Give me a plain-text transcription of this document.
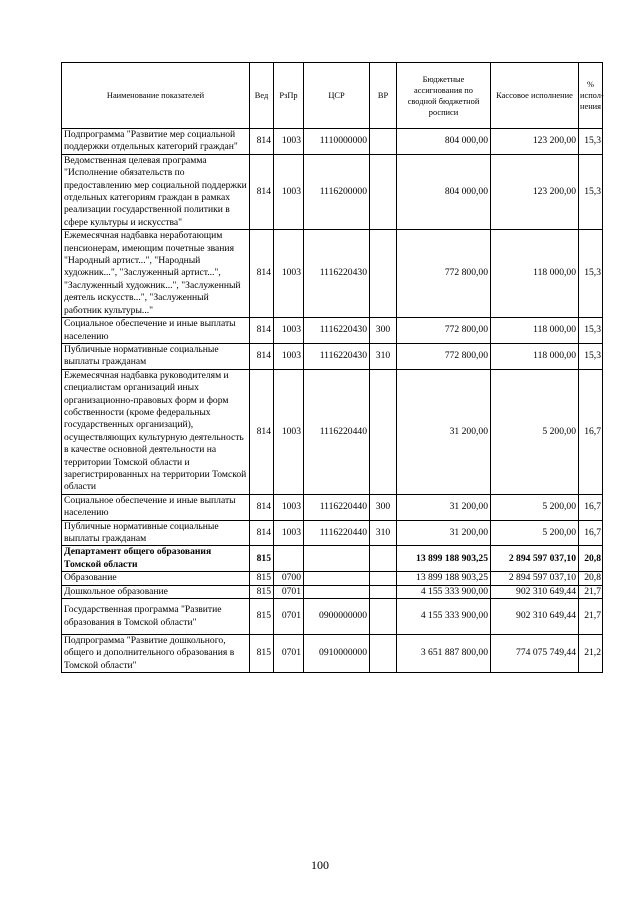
Наименование показателей	Вед	РзПр	ЦСР	ВР	Бюджетные ассигнования по сводной бюджетной росписи	Кассовое исполнение	% испол-нения
Подпрограмма "Развитие мер социальной поддержки отдельных категорий граждан"	814	1003	1110000000		804 000,00	123 200,00	15,3
Ведомственная целевая программа "Исполнение обязательств по предоставлению мер социальной поддержки отдельных категориям граждан в рамках реализации государственной политики в сфере культуры и искусства"	814	1003	1116200000		804 000,00	123 200,00	15,3
Ежемесячная надбавка неработающим пенсионерам, имеющим почетные звания "Народный артист...", "Народный художник...", "Заслуженный артист...", "Заслуженный художник...", "Заслуженный деятель искусств...", "Заслуженный работник культуры..."	814	1003	1116220430		772 800,00	118 000,00	15,3
Социальное обеспечение и иные выплаты населению	814	1003	1116220430	300	772 800,00	118 000,00	15,3
Публичные нормативные социальные выплаты гражданам	814	1003	1116220430	310	772 800,00	118 000,00	15,3
Ежемесячная надбавка руководителям и специалистам организаций иных организационно-правовых форм и форм собственности (кроме федеральных государственных организаций), осуществляющих культурную деятельность в качестве основной деятельности на территории Томской области и зарегистрированных на территории Томской области	814	1003	1116220440		31 200,00	5 200,00	16,7
Социальное обеспечение и иные выплаты населению	814	1003	1116220440	300	31 200,00	5 200,00	16,7
Публичные нормативные социальные выплаты гражданам	814	1003	1116220440	310	31 200,00	5 200,00	16,7
Департамент общего образования Томской области	815				13 899 188 903,25	2 894 597 037,10	20,8
Образование	815	0700			13 899 188 903,25	2 894 597 037,10	20,8
Дошкольное образование	815	0701			4 155 333 900,00	902 310 649,44	21,7
Государственная программа "Развитие образования в Томской области"	815	0701	0900000000		4 155 333 900,00	902 310 649,44	21,7
Подпрограмма "Развитие дошкольного, общего и дополнительного образования в Томской области"	815	0701	0910000000		3 651 887 800,00	774 075 749,44	21,2
100
